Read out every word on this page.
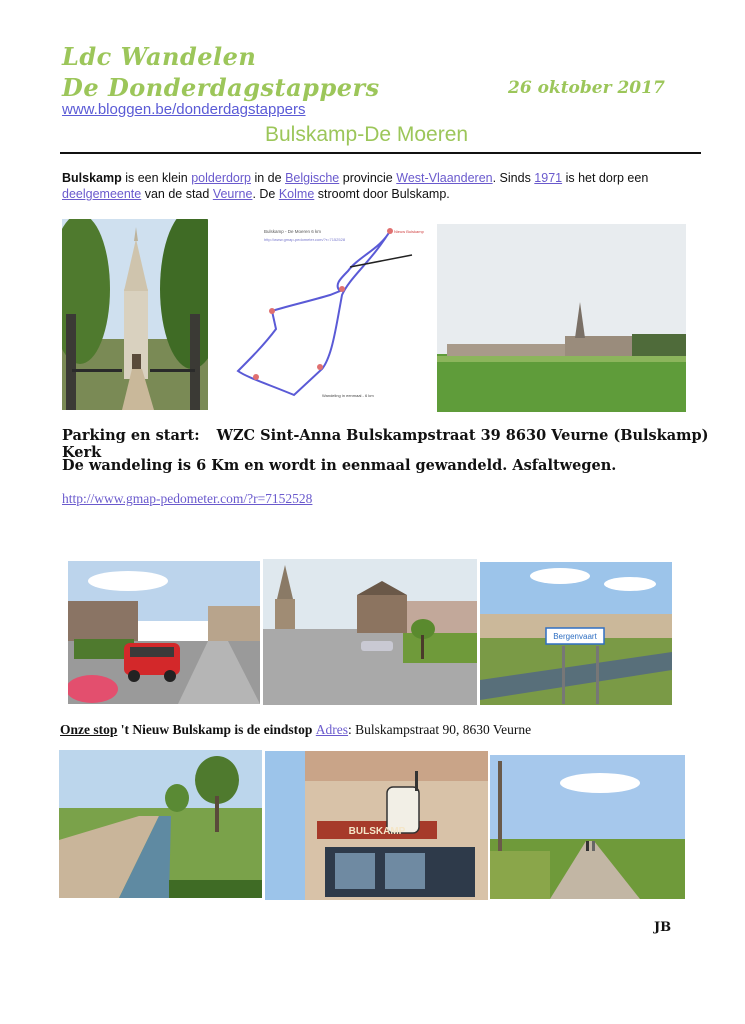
Ldc Wandelen
De Donderdagstappers	26 oktober 2017
www.bloggen.be/donderdagstappers
Bulskamp-De Moeren
Bulskamp is een klein polderdorp in de Belgische provincie West-Vlaanderen. Sinds 1971 is het dorp een deelgemeente van de stad Veurne. De Kolme stroomt door Bulskamp.
Bulskamp - De Moeren 6 km
http://www.gmap-pedometer.com/?r=7152528
Nieuw Bulskamp
Wandeling in eenmaal - 6 km
Parking en start: WZC Sint-Anna Bulskampstraat 39 8630 Veurne (Bulskamp) Kerk
De wandeling is 6 Km en wordt in eenmaal gewandeld. Asfaltwegen.
http://www.gmap-pedometer.com/?r=7152528
Bergenvaart
Onze stop 't Nieuw Bulskamp is de eindstop Adres: Bulskampstraat 90, 8630 Veurne
BULSKAMP
JB
